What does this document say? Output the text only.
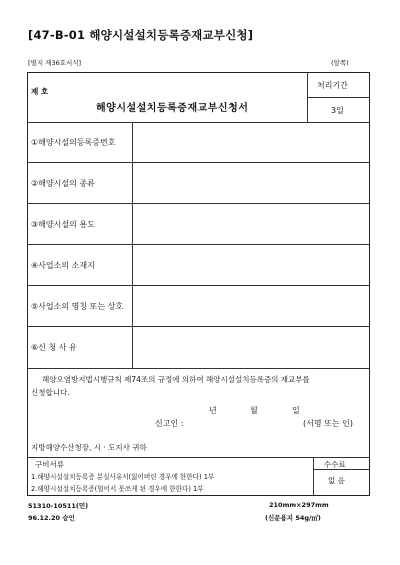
[47-B-01 해양시설설치등록증재교부신청]
[별지 제36호서식]	(앞쪽)
제 호
해양시설설치등록증재교부신청서
처리기간
3일
①해양시설의등록증번호
②해양시설의 종류
③해양시설의 용도
④사업소의 소재지
⑤사업소의 명칭 또는 상호
⑥신 청 사 유
해양오염방지법시행규칙 제74조의 규정에 의하여 해양시설설치등록증의 재교부를
신청합니다.
년	월	일
신고인 :	(서명 또는 인)
지방해양수산청장, 시 · 도지사 귀하
구비서류
1.해양시설설치등록증 분실사유서(잃어버린 경우에 한한다) 1부
2.해양시설설치등록증(헐어서 못쓰게 된 경우에 한한다) 1부
수수료
없 음
51310-10511(민)
96.12.20 승인
210mm×297mm
(신문용지 54g/㎡)
